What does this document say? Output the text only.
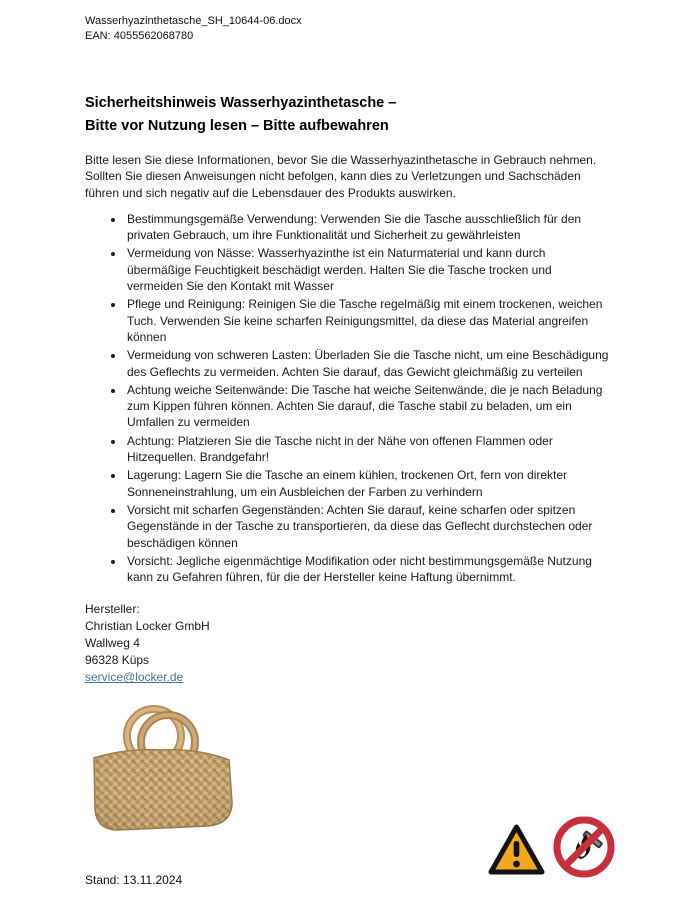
Wasserhyazinthetasche_SH_10644-06.docx
EAN: 4055562068780
Sicherheitshinweis Wasserhyazinthetasche –
Bitte vor Nutzung lesen – Bitte aufbewahren
Bitte lesen Sie diese Informationen, bevor Sie die Wasserhyazinthetasche in Gebrauch nehmen. Sollten Sie diesen Anweisungen nicht befolgen, kann dies zu Verletzungen und Sachschäden führen und sich negativ auf die Lebensdauer des Produkts auswirken.
• Bestimmungsgemäße Verwendung: Verwenden Sie die Tasche ausschließlich für den privaten Gebrauch, um ihre Funktionalität und Sicherheit zu gewährleisten
• Vermeidung von Nässe: Wasserhyazinthe ist ein Naturmaterial und kann durch übermäßige Feuchtigkeit beschädigt werden. Halten Sie die Tasche trocken und vermeiden Sie den Kontakt mit Wasser
• Pflege und Reinigung: Reinigen Sie die Tasche regelmäßig mit einem trockenen, weichen Tuch. Verwenden Sie keine scharfen Reinigungsmittel, da diese das Material angreifen können
• Vermeidung von schweren Lasten: Überladen Sie die Tasche nicht, um eine Beschädigung des Geflechts zu vermeiden. Achten Sie darauf, das Gewicht gleichmäßig zu verteilen
• Achtung weiche Seitenwände: Die Tasche hat weiche Seitenwände, die je nach Beladung zum Kippen führen können. Achten Sie darauf, die Tasche stabil zu beladen, um ein Umfallen zu vermeiden
• Achtung: Platzieren Sie die Tasche nicht in der Nähe von offenen Flammen oder Hitzequellen. Brandgefahr!
• Lagerung: Lagern Sie die Tasche an einem kühlen, trockenen Ort, fern von direkter Sonneneinstrahlung, um ein Ausbleichen der Farben zu verhindern
• Vorsicht mit scharfen Gegenständen: Achten Sie darauf, keine scharfen oder spitzen Gegenstände in der Tasche zu transportieren, da diese das Geflecht durchstechen oder beschädigen können
• Vorsicht: Jegliche eigenmächtige Modifikation oder nicht bestimmungsgemäße Nutzung kann zu Gefahren führen, für die der Hersteller keine Haftung übernimmt.
Hersteller:
Christian Locker GmbH
Wallweg 4
96328 Küps
service@locker.de
Stand: 13.11.2024
